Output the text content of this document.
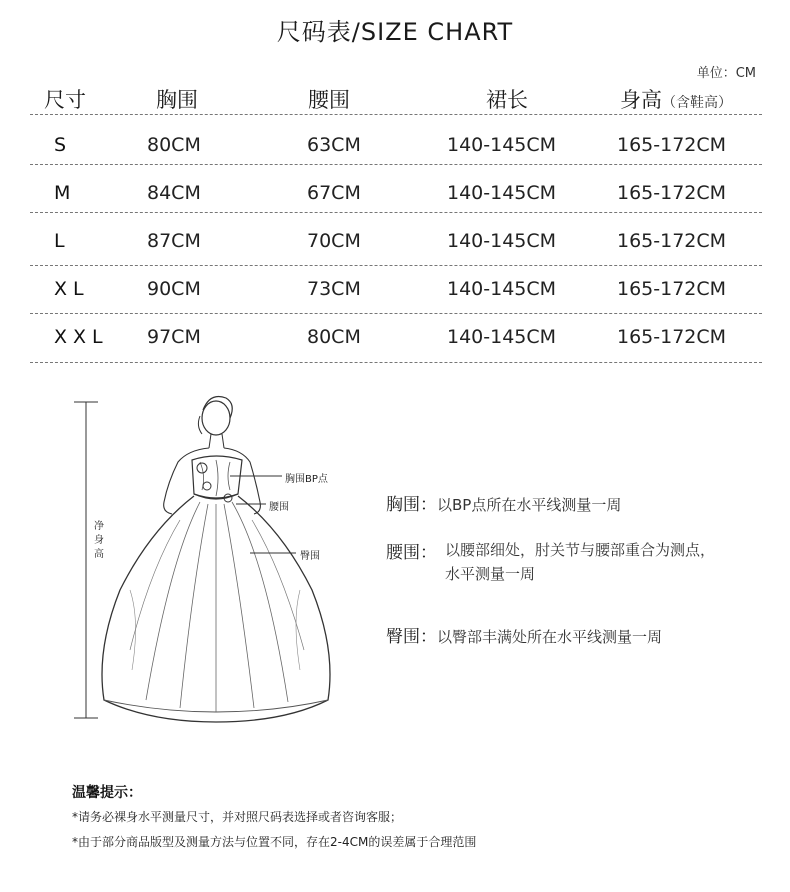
尺码表/SIZE CHART
单位：CM
尺寸	胸围	腰围	裙长	身高（含鞋高）
S	80CM	63CM	140-145CM	165-172CM
M	84CM	67CM	140-145CM	165-172CM
L	87CM	70CM	140-145CM	165-172CM
XL	90CM	73CM	140-145CM	165-172CM
XXL 97CM	80CM	140-145CM	165-172CM
净身高
胸围BP点
腰围
臀围
胸围：以BP点所在水平线测量一周
腰围： 以腰部细处，肘关节与腰部重合为测点，水平测量一周
臀围：以臀部丰满处所在水平线测量一周
温馨提示：
*请务必裸身水平测量尺寸，并对照尺码表选择或者咨询客服；
*由于部分商品版型及测量方法与位置不同，存在2-4CM的误差属于合理范围
